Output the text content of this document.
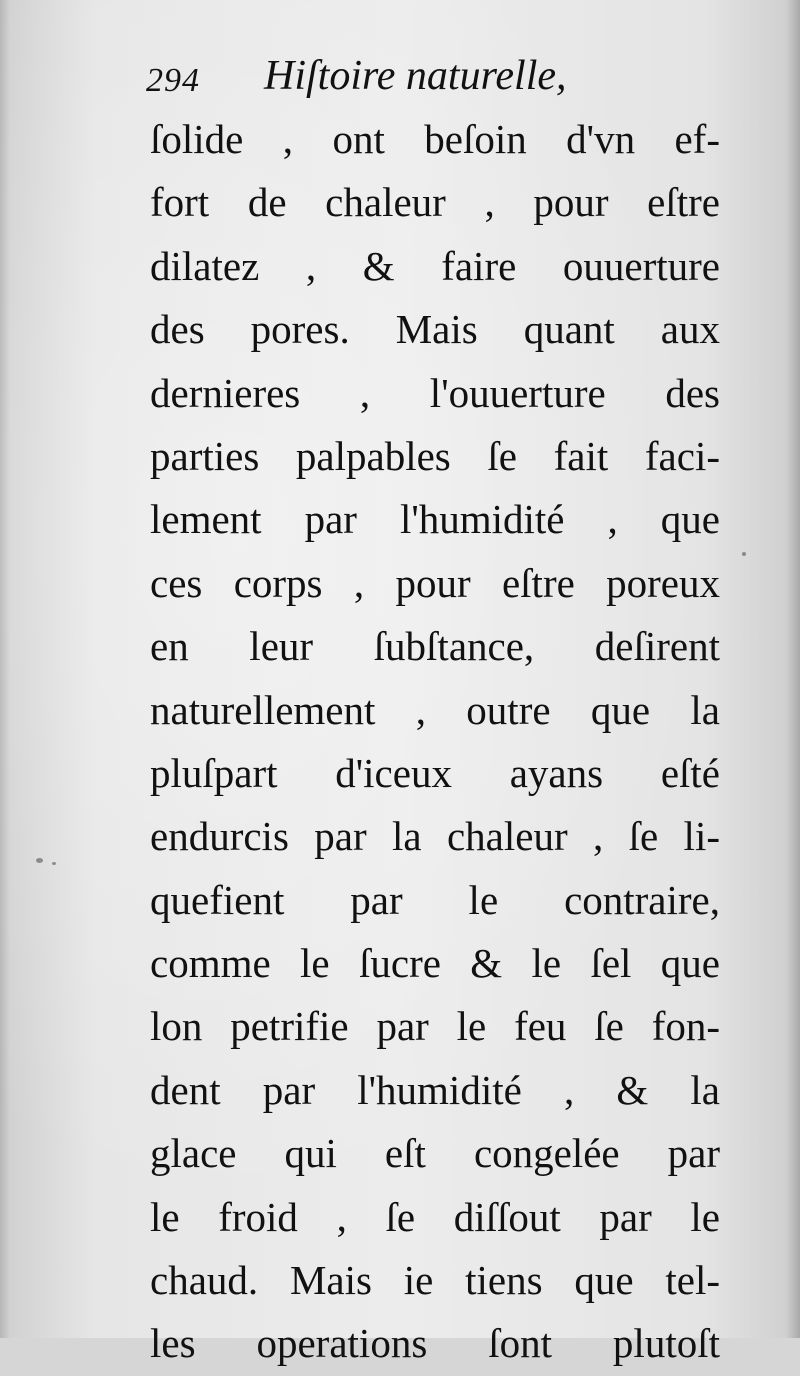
294 Hiſtoire naturelle,
ſolide , ont beſoin d'vn ef-
fort de chaleur , pour eſtre
dilatez , & faire ouuerture
des pores. Mais quant aux
dernieres , l'ouuerture des
parties palpables ſe fait faci-
lement par l'humidité , que
ces corps , pour eſtre poreux
en leur ſubſtance, deſirent
naturellement , outre que la
pluſpart d'iceux ayans eſté
endurcis par la chaleur , ſe li-
quefient par le contraire,
comme le ſucre & le ſel que
lon petrifie par le feu ſe fon-
dent par l'humidité , & la
glace qui eſt congelée par
le froid , ſe diſſout par le
chaud. Mais ie tiens que tel-
les operations ſont plutoſt
